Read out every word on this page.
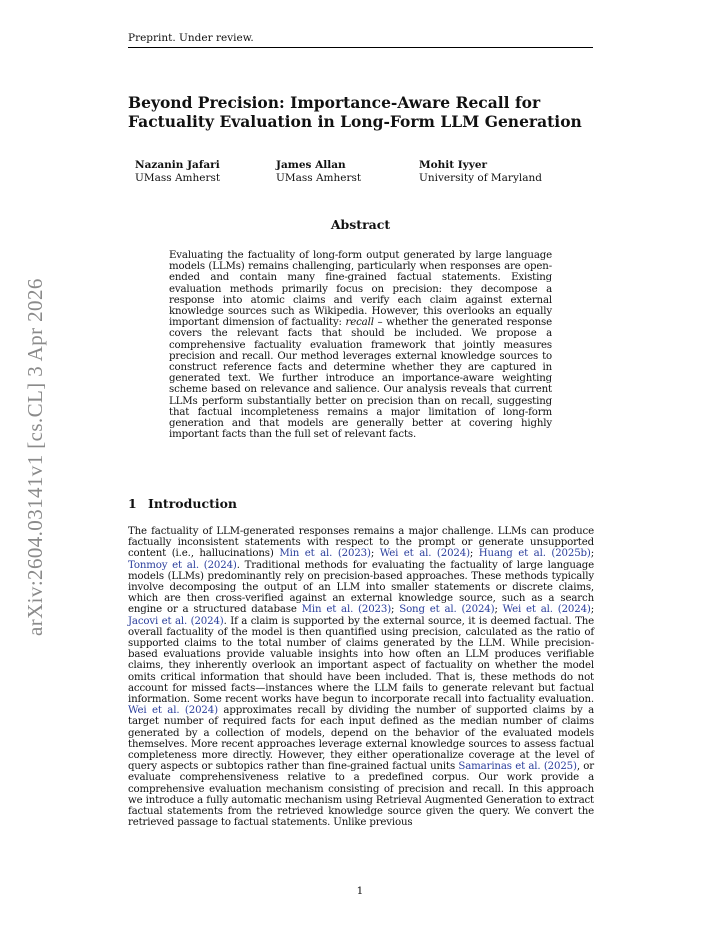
Preprint. Under review.
Beyond Precision: Importance-Aware Recall for Factuality Evaluation in Long-Form LLM Generation
Nazanin Jafari
UMass Amherst
James Allan
UMass Amherst
Mohit Iyyer
University of Maryland
Abstract
Evaluating the factuality of long-form output generated by large language models (LLMs) remains challenging, particularly when responses are open-ended and contain many fine-grained factual statements. Existing evaluation methods primarily focus on precision: they decompose a response into atomic claims and verify each claim against external knowledge sources such as Wikipedia. However, this overlooks an equally important dimension of factuality: recall – whether the generated response covers the relevant facts that should be included. We propose a comprehensive factuality evaluation framework that jointly measures precision and recall. Our method leverages external knowledge sources to construct reference facts and determine whether they are captured in generated text. We further introduce an importance-aware weighting scheme based on relevance and salience. Our analysis reveals that current LLMs perform substantially better on precision than on recall, suggesting that factual incompleteness remains a major limitation of long-form generation and that models are generally better at covering highly important facts than the full set of relevant facts.
1 Introduction
The factuality of LLM-generated responses remains a major challenge. LLMs can produce factually inconsistent statements with respect to the prompt or generate unsupported content (i.e., hallucinations) Min et al. (2023); Wei et al. (2024); Huang et al. (2025b); Tonmoy et al. (2024). Traditional methods for evaluating the factuality of large language models (LLMs) predominantly rely on precision-based approaches. These methods typically involve decomposing the output of an LLM into smaller statements or discrete claims, which are then cross-verified against an external knowledge source, such as a search engine or a structured database Min et al. (2023); Song et al. (2024); Wei et al. (2024); Jacovi et al. (2024). If a claim is supported by the external source, it is deemed factual. The overall factuality of the model is then quantified using precision, calculated as the ratio of supported claims to the total number of claims generated by the LLM. While precision-based evaluations provide valuable insights into how often an LLM produces verifiable claims, they inherently overlook an important aspect of factuality on whether the model omits critical information that should have been included. That is, these methods do not account for missed facts—instances where the LLM fails to generate relevant but factual information. Some recent works have begun to incorporate recall into factuality evaluation. Wei et al. (2024) approximates recall by dividing the number of supported claims by a target number of required facts for each input defined as the median number of claims generated by a collection of models, depend on the behavior of the evaluated models themselves. More recent approaches leverage external knowledge sources to assess factual completeness more directly. However, they either operationalize coverage at the level of query aspects or subtopics rather than fine-grained factual units Samarinas et al. (2025), or evaluate comprehensiveness relative to a predefined corpus. Our work provide a comprehensive evaluation mechanism consisting of precision and recall. In this approach we introduce a fully automatic mechanism using Retrieval Augmented Generation to extract factual statements from the retrieved knowledge source given the query. We convert the retrieved passage to factual statements. Unlike previous
1
arXiv:2604.03141v1 [cs.CL] 3 Apr 2026
